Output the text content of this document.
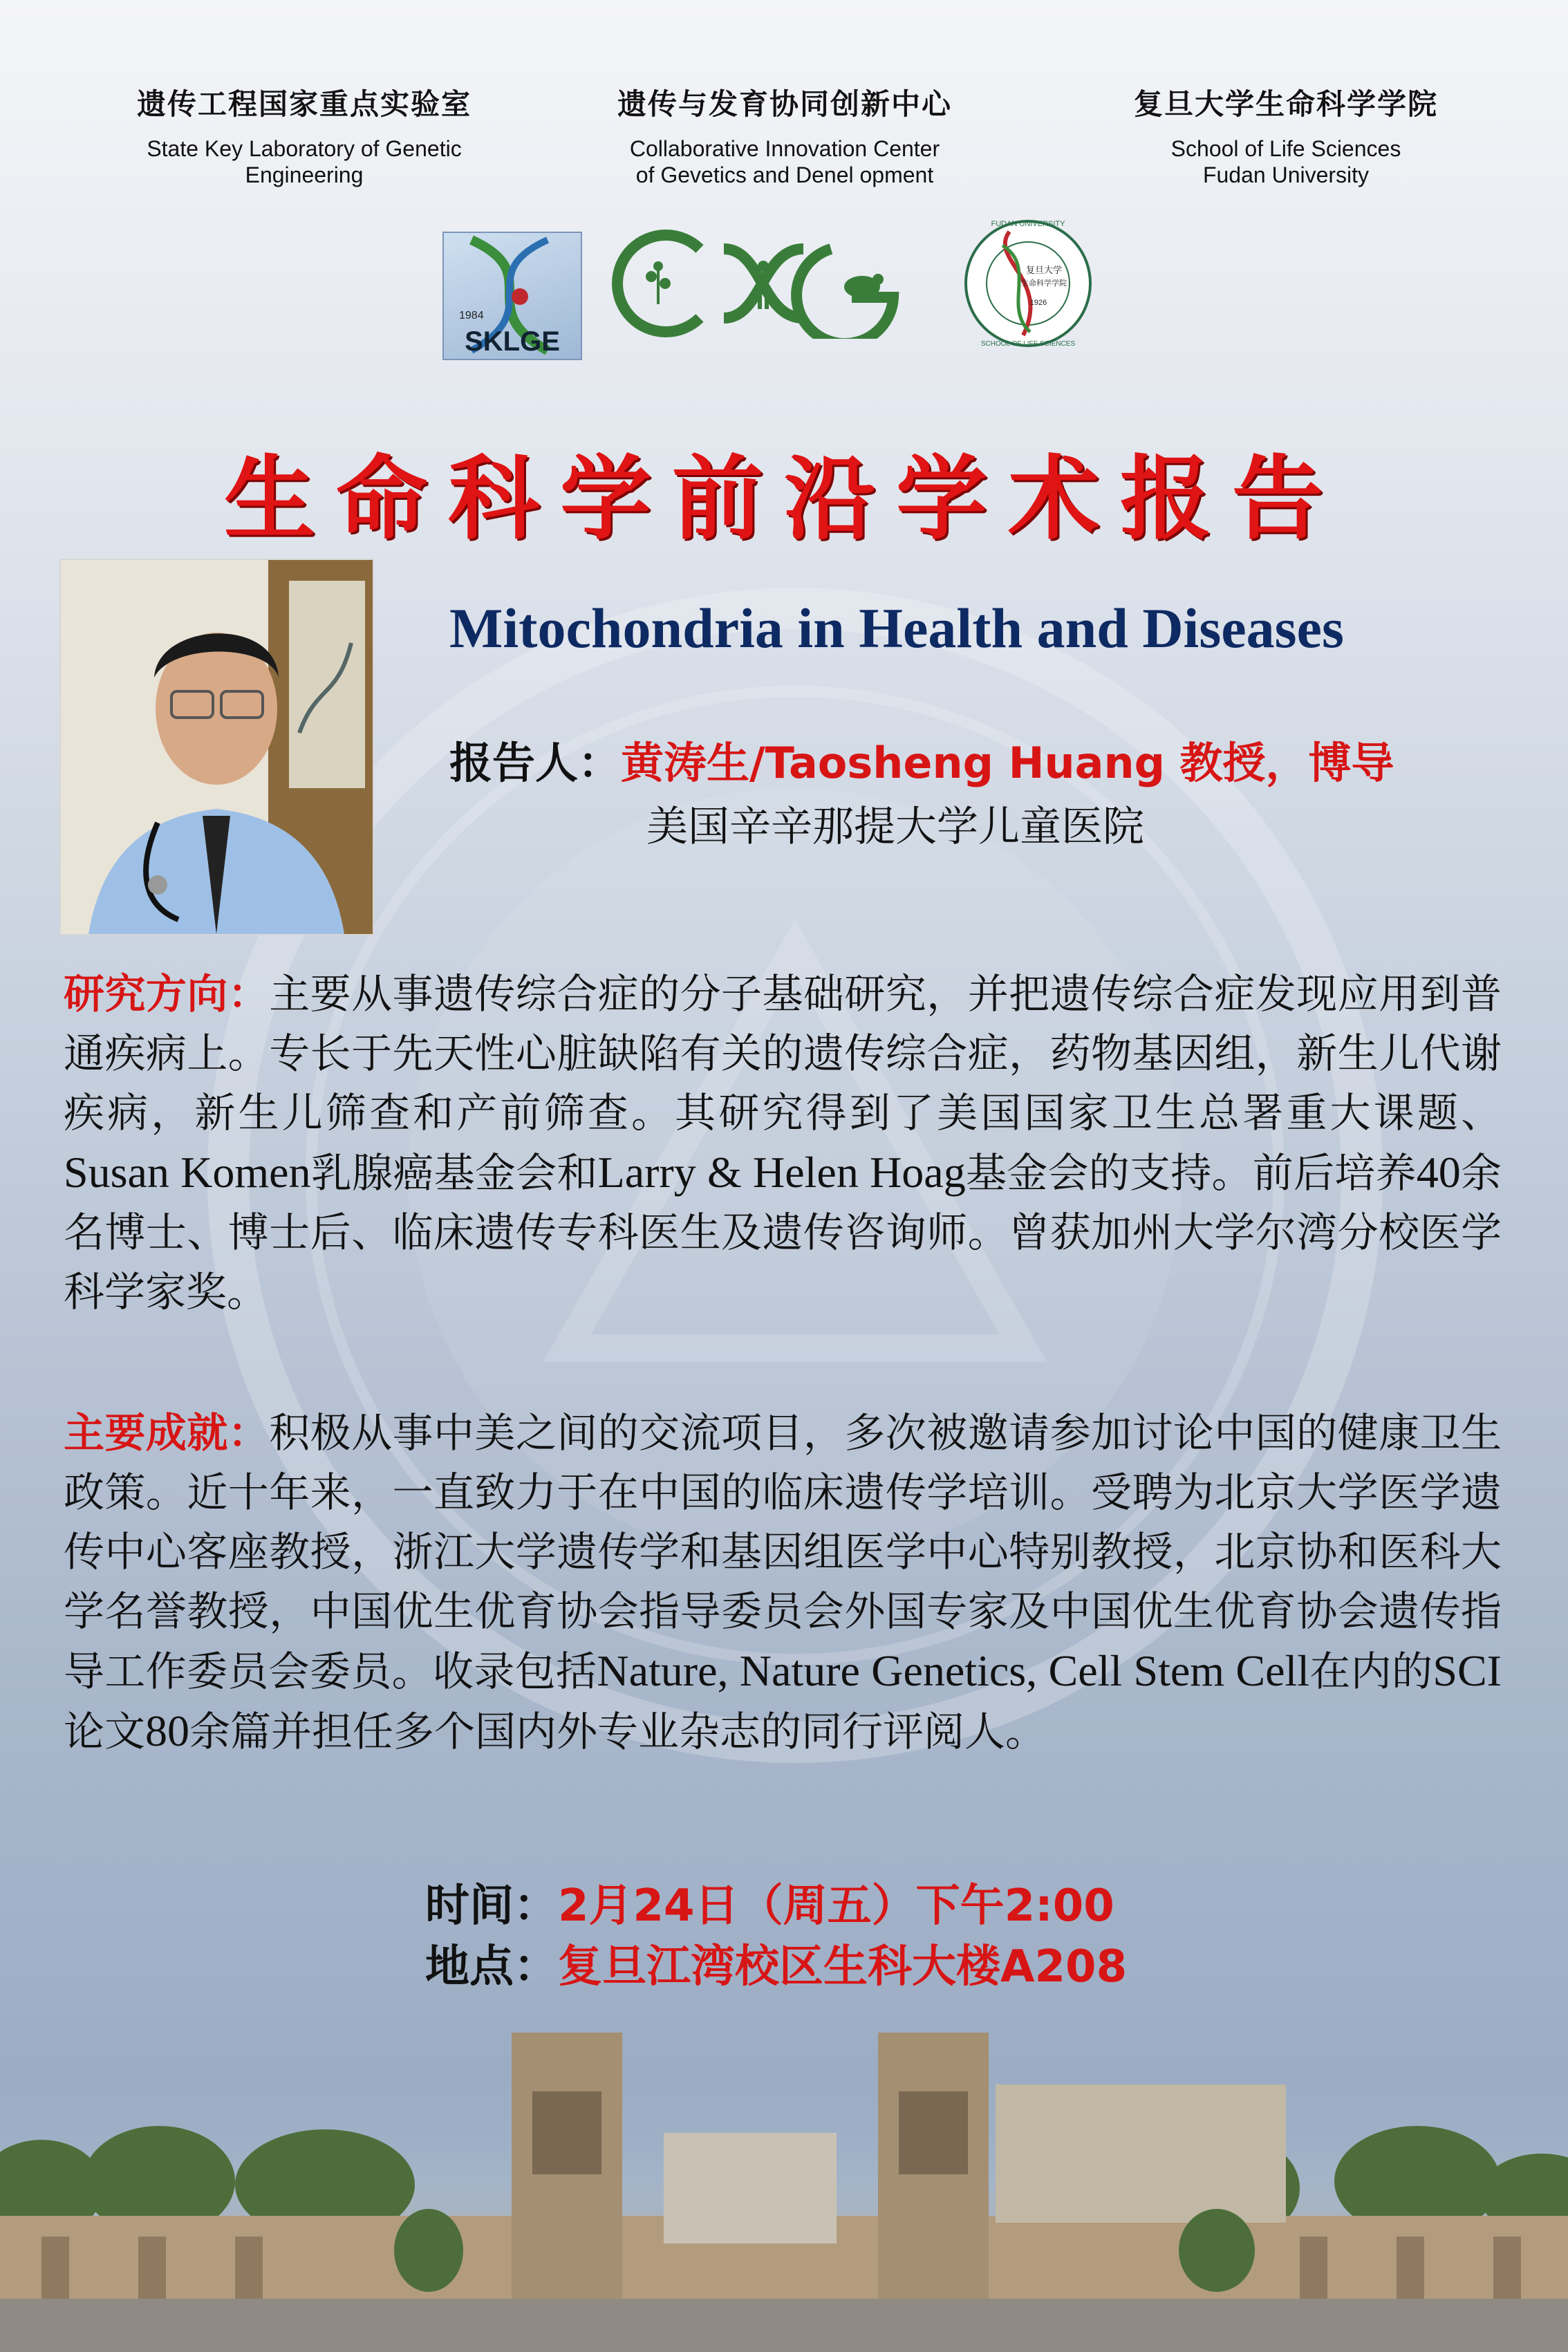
遗传工程国家重点实验室
State Key Laboratory of Genetic
Engineering
遗传与发育协同创新中心
Collaborative Innovation Center
of Gevetics and Denel opment
复旦大学生命科学学院
School of Life Sciences
Fudan University
1984
SKLGE
FUDAN UNIVERSITY
SCHOOL OF LIFE SCIENCES
复旦大学
生命科学学院
1926
生命科学前沿学术报告
Mitochondria in Health and Diseases
报告人：黄涛生/Taosheng Huang 教授，博导
美国辛辛那提大学儿童医院
研究方向：主要从事遗传综合症的分子基础研究，并把遗传综合症发现应用到普通疾病上。专长于先天性心脏缺陷有关的遗传综合症，药物基因组，新生儿代谢疾病，新生儿筛查和产前筛查。其研究得到了美国国家卫生总署重大课题、Susan Komen乳腺癌基金会和Larry & Helen Hoag基金会的支持。前后培养40余名博士、博士后、临床遗传专科医生及遗传咨询师。曾获加州大学尔湾分校医学科学家奖。
主要成就：积极从事中美之间的交流项目，多次被邀请参加讨论中国的健康卫生政策。近十年来，一直致力于在中国的临床遗传学培训。受聘为北京大学医学遗传中心客座教授，浙江大学遗传学和基因组医学中心特别教授，北京协和医科大学名誉教授，中国优生优育协会指导委员会外国专家及中国优生优育协会遗传指导工作委员会委员。收录包括Nature, Nature Genetics, Cell Stem Cell在内的SCI论文80余篇并担任多个国内外专业杂志的同行评阅人。
时间：2月24日（周五）下午2:00
地点：复旦江湾校区生科大楼A208
